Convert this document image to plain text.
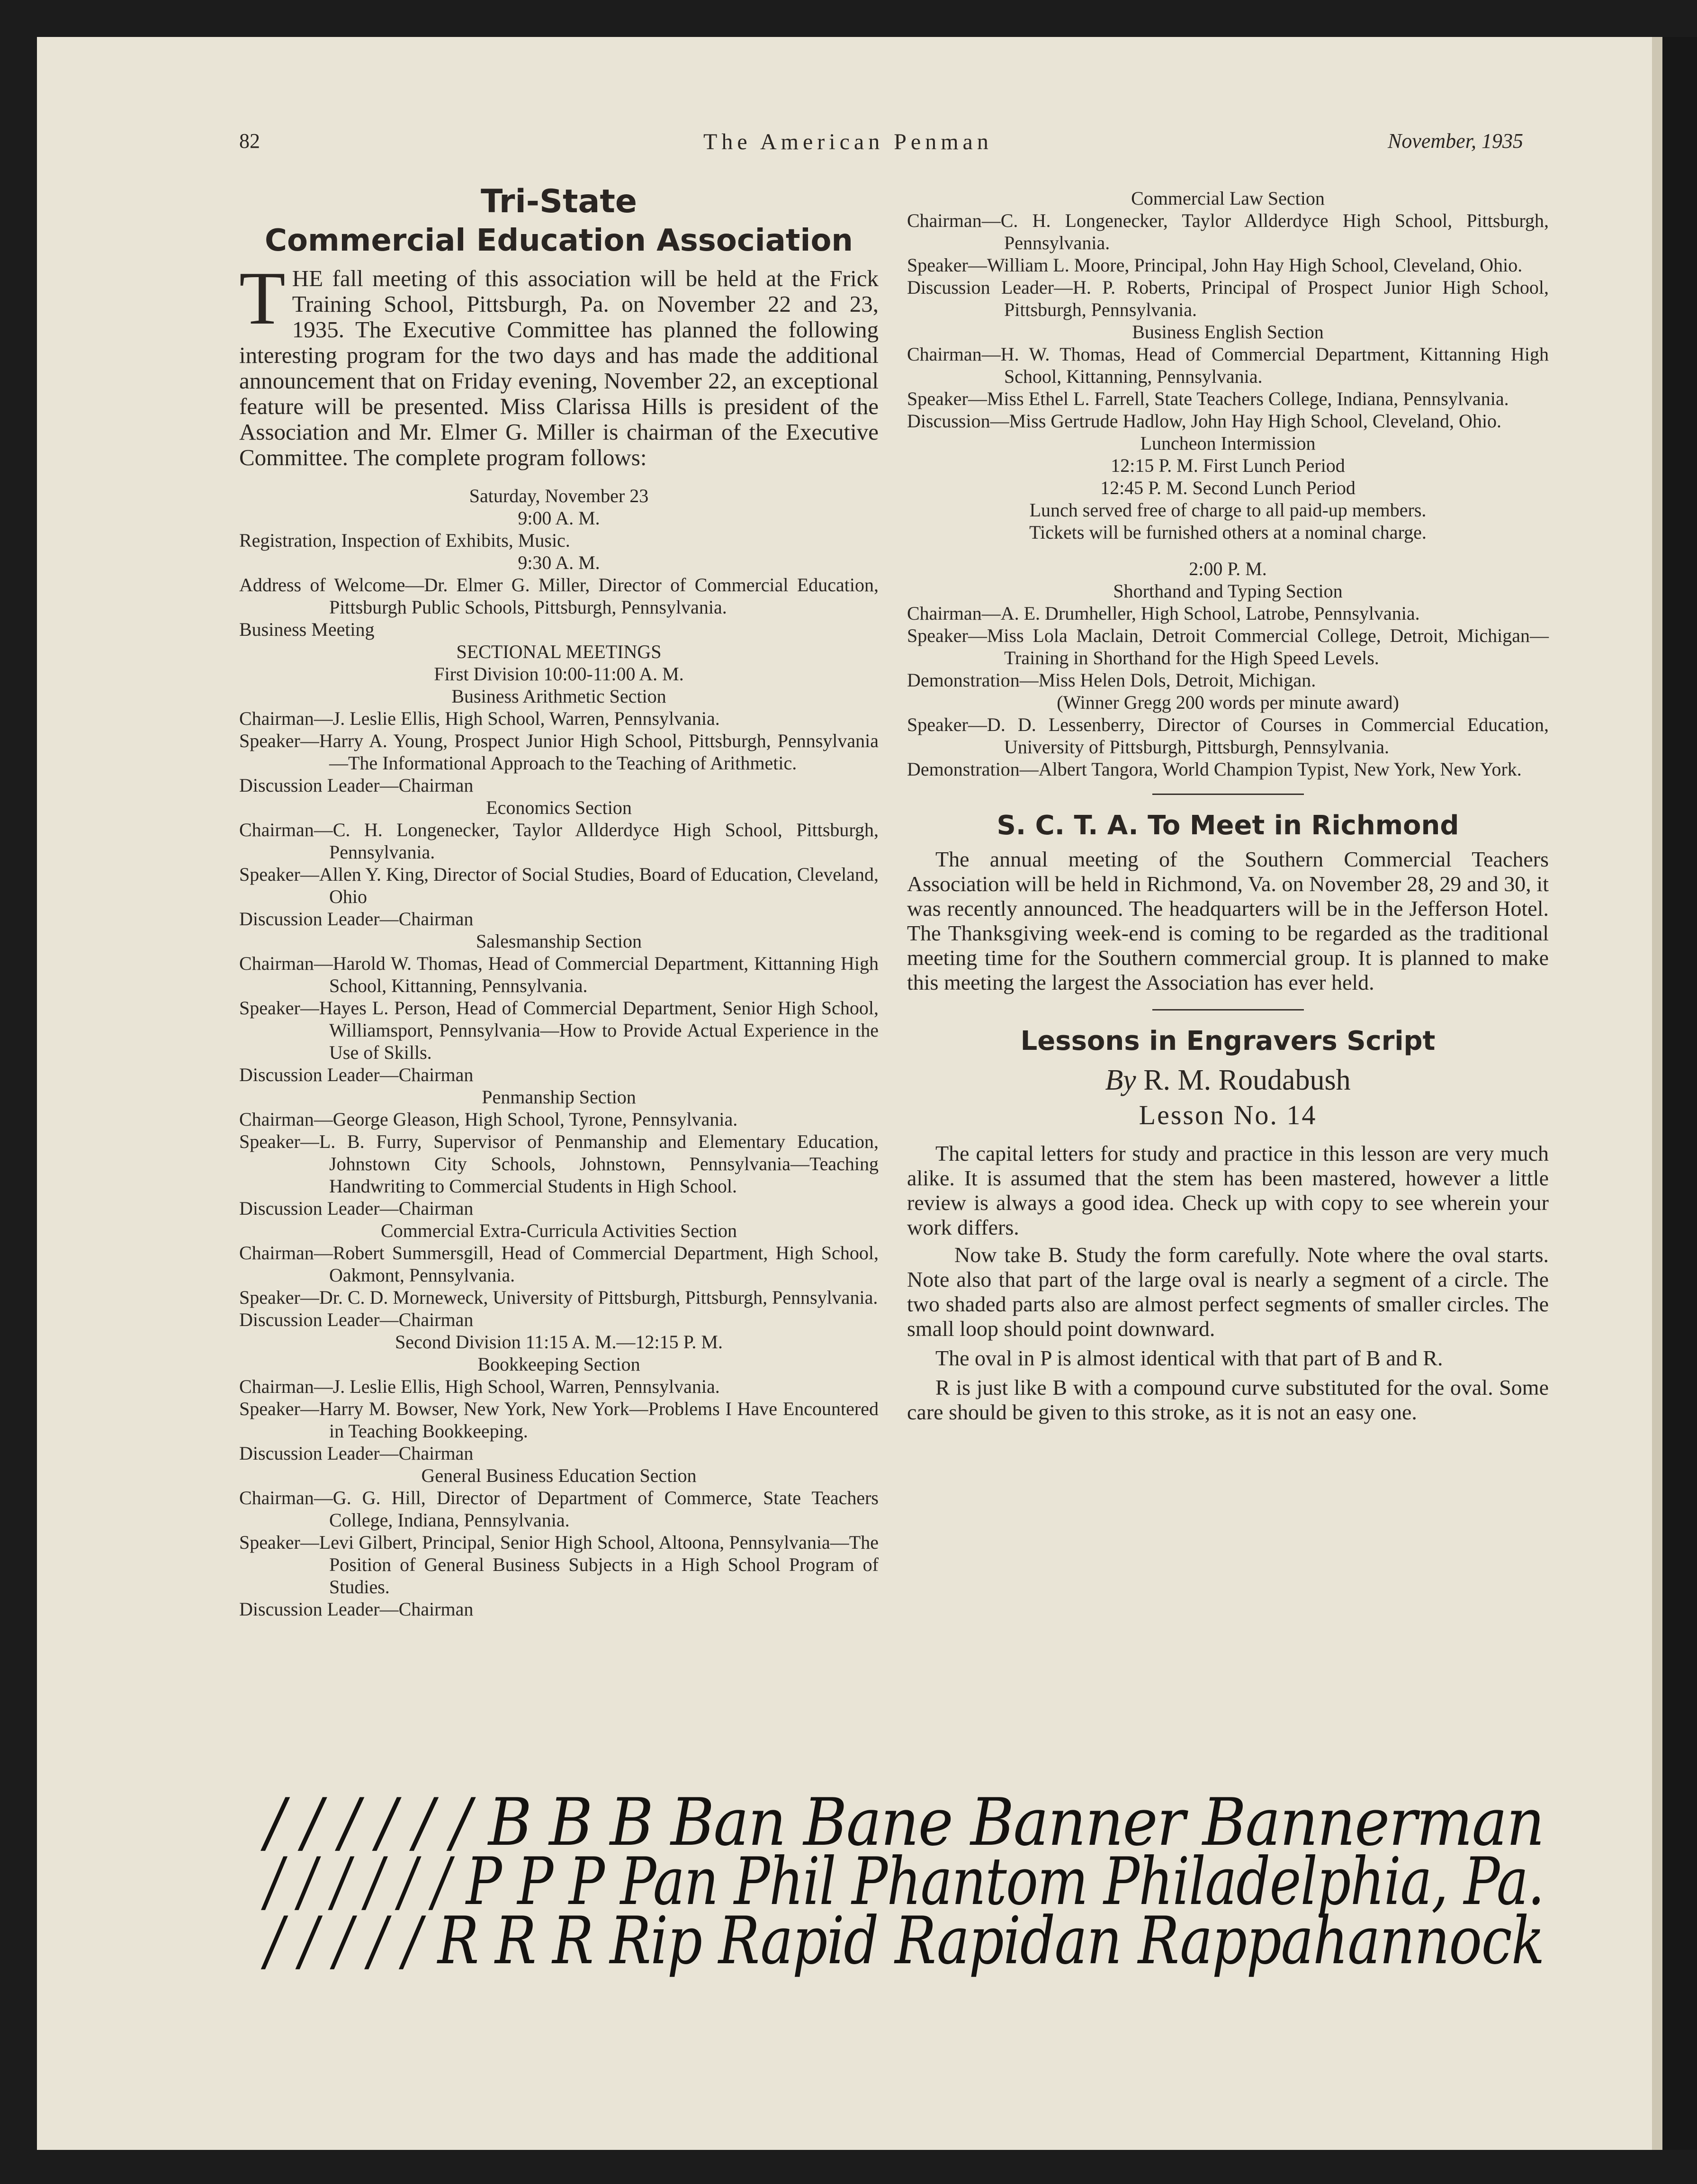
82	The American Penman	November, 1935
Tri-State
Commercial Education Association
THE fall meeting of this association will be held at the Frick Training School, Pittsburgh, Pa. on November 22 and 23, 1935. The Executive Committee has planned the following interesting program for the two days and has made the additional announcement that on Friday evening, November 22, an exceptional feature will be presented. Miss Clarissa Hills is president of the Association and Mr. Elmer G. Miller is chairman of the Executive Committee. The complete program follows:
Saturday, November 23
9:00 A. M.
Registration, Inspection of Exhibits, Music.
9:30 A. M.
Address of Welcome—Dr. Elmer G. Miller, Director of Commercial Education, Pittsburgh Public Schools, Pittsburgh, Pennsylvania.
Business Meeting
SECTIONAL MEETINGS
First Division 10:00-11:00 A. M.
Business Arithmetic Section
Chairman—J. Leslie Ellis, High School, Warren, Pennsylvania.
Speaker—Harry A. Young, Prospect Junior High School, Pittsburgh, Pennsylvania—The Informational Approach to the Teaching of Arithmetic.
Discussion Leader—Chairman
Economics Section
Chairman—C. H. Longenecker, Taylor Allderdyce High School, Pittsburgh, Pennsylvania.
Speaker—Allen Y. King, Director of Social Studies, Board of Education, Cleveland, Ohio
Discussion Leader—Chairman
Salesmanship Section
Chairman—Harold W. Thomas, Head of Commercial Department, Kittanning High School, Kittanning, Pennsylvania.
Speaker—Hayes L. Person, Head of Commercial Department, Senior High School, Williamsport, Pennsylvania—How to Provide Actual Experience in the Use of Skills.
Discussion Leader—Chairman
Penmanship Section
Chairman—George Gleason, High School, Tyrone, Pennsylvania.
Speaker—L. B. Furry, Supervisor of Penmanship and Elementary Education, Johnstown City Schools, Johnstown, Pennsylvania—Teaching Handwriting to Commercial Students in High School.
Discussion Leader—Chairman
Commercial Extra-Curricula Activities Section
Chairman—Robert Summersgill, Head of Commercial Department, High School, Oakmont, Pennsylvania.
Speaker—Dr. C. D. Morneweck, University of Pittsburgh, Pittsburgh, Pennsylvania.
Discussion Leader—Chairman
Second Division 11:15 A. M.—12:15 P. M.
Bookkeeping Section
Chairman—J. Leslie Ellis, High School, Warren, Pennsylvania.
Speaker—Harry M. Bowser, New York, New York—Problems I Have Encountered in Teaching Bookkeeping.
Discussion Leader—Chairman
General Business Education Section
Chairman—G. G. Hill, Director of Department of Commerce, State Teachers College, Indiana, Pennsylvania.
Speaker—Levi Gilbert, Principal, Senior High School, Altoona, Pennsylvania—The Position of General Business Subjects in a High School Program of Studies.
Discussion Leader—Chairman
Commercial Law Section
Chairman—C. H. Longenecker, Taylor Allderdyce High School, Pittsburgh, Pennsylvania.
Speaker—William L. Moore, Principal, John Hay High School, Cleveland, Ohio.
Discussion Leader—H. P. Roberts, Principal of Prospect Junior High School, Pittsburgh, Pennsylvania.
Business English Section
Chairman—H. W. Thomas, Head of Commercial Department, Kittanning High School, Kittanning, Pennsylvania.
Speaker—Miss Ethel L. Farrell, State Teachers College, Indiana, Pennsylvania.
Discussion—Miss Gertrude Hadlow, John Hay High School, Cleveland, Ohio.
Luncheon Intermission
12:15 P. M. First Lunch Period
12:45 P. M. Second Lunch Period
Lunch served free of charge to all paid-up members.
Tickets will be furnished others at a nominal charge.
2:00 P. M.
Shorthand and Typing Section
Chairman—A. E. Drumheller, High School, Latrobe, Pennsylvania.
Speaker—Miss Lola Maclain, Detroit Commercial College, Detroit, Michigan—Training in Shorthand for the High Speed Levels.
Demonstration—Miss Helen Dols, Detroit, Michigan.
(Winner Gregg 200 words per minute award)
Speaker—D. D. Lessenberry, Director of Courses in Commercial Education, University of Pittsburgh, Pittsburgh, Pennsylvania.
Demonstration—Albert Tangora, World Champion Typist, New York, New York.
S. C. T. A. To Meet in Richmond
The annual meeting of the Southern Commercial Teachers Association will be held in Richmond, Va. on November 28, 29 and 30, it was recently announced. The headquarters will be in the Jefferson Hotel. The Thanksgiving week-end is coming to be regarded as the traditional meeting time for the Southern commercial group. It is planned to make this meeting the largest the Association has ever held.
Lessons in Engravers Script
By R. M. Roudabush
Lesson No. 14
The capital letters for study and practice in this lesson are very much alike. It is assumed that the stem has been mastered, however a little review is always a good idea. Check up with copy to see wherein your work differs.
Now take B. Study the form carefully. Note where the oval starts. Note also that part of the large oval is nearly a segment of a circle. The two shaded parts also are almost perfect segments of smaller circles. The small loop should point downward.
The oval in P is almost identical with that part of B and R.
R is just like B with a compound curve substituted for the oval. Some care should be given to this stroke, as it is not an easy one.
/ / / / / / B B B Ban Bane Banner Bannerman
/ / / / / / P P P Pan Phil Phantom Philadelphia, Pa.
/ / / / / R R R Rip Rapid Rapidan Rappahannock
